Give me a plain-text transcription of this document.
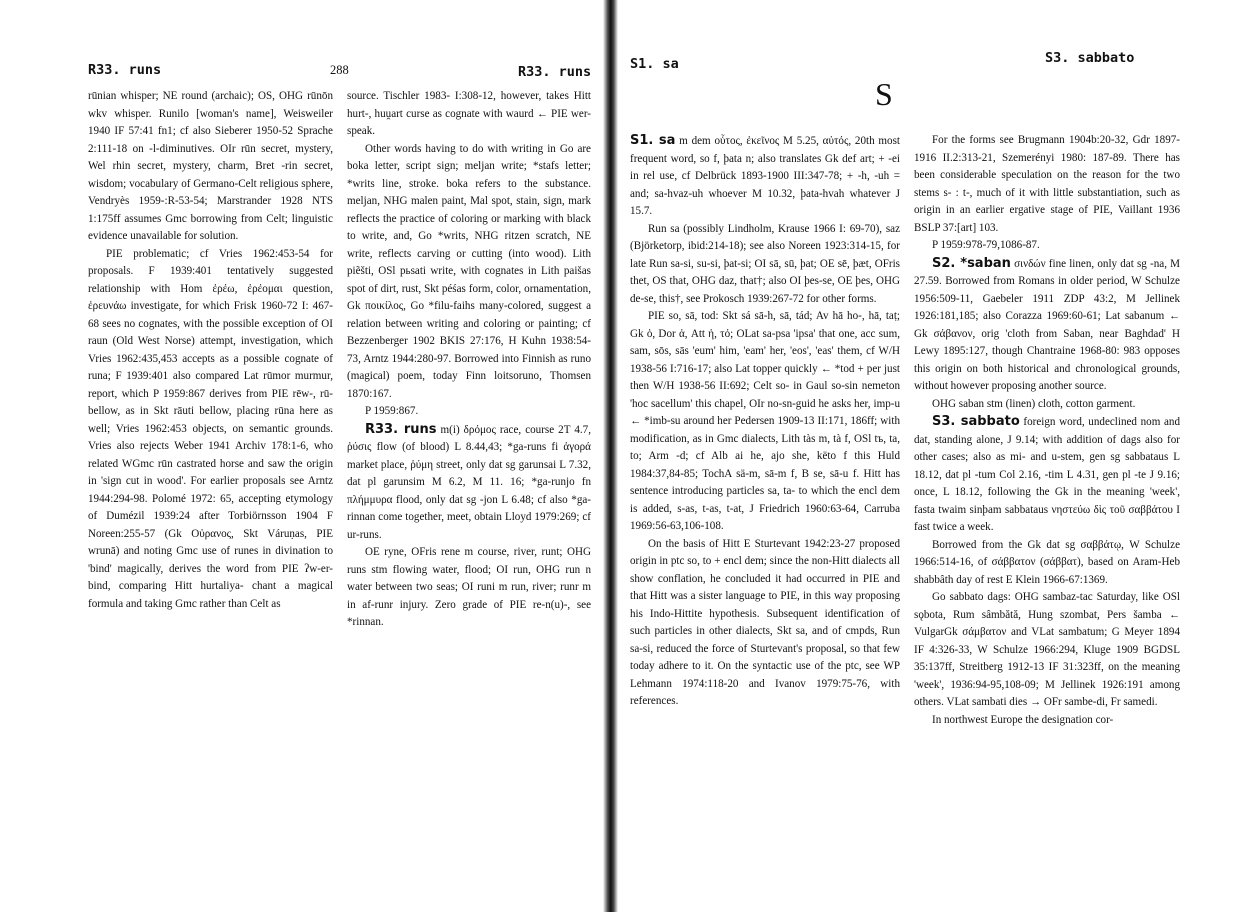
R33. runs	288	R33. runs

rūnian whisper; NE round (archaic); OS, OHG rūnōn wkv whisper. Runilo [woman's name], Weisweiler 1940 IF 57:41 fn1; cf also Sieberer 1950-52 Sprache 2:111-18 on -l-diminutives. OIr rūn secret, mystery, Wel rhin secret, mystery, charm, Bret -rin secret, wisdom; vocabulary of Germano-Celt religious sphere, Vendryès 1959-:R-53-54; Marstrander 1928 NTS 1:175ff assumes Gmc borrowing from Celt; linguistic evidence unavailable for solution.

PIE problematic; cf Vries 1962:453-54 for proposals. F 1939:401 tentatively suggested relationship with Hom ἐρέω, ἐρέομαι question, ἐρευνάω investigate, for which Frisk 1960-72 I: 467-68 sees no cognates, with the possible exception of OI raun (Old West Norse) attempt, investigation, which Vries 1962:435,453 accepts as a possible cognate of runa; F 1939:401 also compared Lat rūmor murmur, report, which P 1959:867 derives from PIE rēw-, rū- bellow, as in Skt rāuti bellow, placing rūna here as well; Vries 1962:453 objects, on semantic grounds. Vries also rejects Weber 1941 Archiv 178:1-6, who related WGmc rūn castrated horse and saw the origin in 'sign cut in wood'. For earlier proposals see Arntz 1944:294-98. Polomé 1972: 65, accepting etymology of Dumézil 1939:24 after Torbiörnsson 1904 F Noreen:255-57 (Gk Οὐρανος, Skt Váruṇas, PIE wrunā) and noting Gmc use of runes in divination to 'bind' magically, derives the word from PIE ʔw-er- bind, comparing Hitt hurtaliya- chant a magical formula and taking Gmc rather than Celt as

source. Tischler 1983- I:308-12, however, takes Hitt hurt-, huṷart curse as cognate with waurd ← PIE wer- speak.

Other words having to do with writing in Go are boka letter, script sign; meljan write; *stafs letter; *writs line, stroke. boka refers to the substance. meljan, NHG malen paint, Mal spot, stain, sign, mark reflects the practice of coloring or marking with black to write, and, Go *writs, NHG ritzen scratch, NE write, reflects carving or cutting (into wood). Lith piẽšti, OSl pьsati write, with cognates in Lith paišas spot of dirt, rust, Skt péśas form, color, ornamentation, Gk ποικίλος, Go *filu-faihs many-colored, suggest a relation between writing and coloring or painting; cf Bezzenberger 1902 BKIS 27:176, H Kuhn 1938:54-73, Arntz 1944:280-97. Borrowed into Finnish as runo (magical) poem, today Finn loitsoruno, Thomsen 1870:167.

P 1959:867.

R33. runs m(i) δρόμος race, course 2T 4.7, ῥύσις flow (of blood) L 8.44,43; *ga-runs fi ἀγορά market place, ῥύμη street, only dat sg garunsai L 7.32, dat pl garunsim M 6.2, M 11. 16; *ga-runjo fn πλήμμυρα flood, only dat sg -jon L 6.48; cf also *ga-rinnan come together, meet, obtain Lloyd 1979:269; cf ur-runs.

OE ryne, OFris rene m course, river, runt; OHG runs stm flowing water, flood; OI run, OHG run n water between two seas; OI runi m run, river; runr m in af-runr injury. Zero grade of PIE re-n(u)-, see *rinnan.

S1. sa	S3. sabbato
S

S1. sa m dem οὗτος, ἐκεῖνος M 5.25, αὐτός, 20th most frequent word, so f, þata n; also translates Gk def art; + -ei in rel use, cf Delbrück 1893-1900 III:347-78; + -h, -uh = and; sa-hvaz-uh whoever M 10.32, þata-hvah whatever J 15.7.

Run sa (possibly Lindholm, Krause 1966 I: 69-70), saz (Björketorp, ibid:214-18); see also Noreen 1923:314-15, for late Run sa-si, su-si, þat-si; OI sā, sū, þat; OE sē, þæt, OFris thet, OS that, OHG daz, that†; also OI þes-se, OE þes, OHG de-se, this†, see Prokosch 1939:267-72 for other forms.

PIE so, sā, tod: Skt sá sā-h, sā, tád; Av hā ho-, hā, taṭ; Gk ὁ, Dor ἁ, Att ἡ, τό; OLat sa-psa 'ipsa' that one, acc sum, sam, sōs, sās 'eum' him, 'eam' her, 'eos', 'eas' them, cf W/H 1938-56 I:716-17; also Lat topper quickly ← *tod + per just then W/H 1938-56 II:692; Celt so- in Gaul so-sin nemeton 'hoc sacellum' this chapel, OIr no-sn-guid he asks her, imp-u ← *imb-su around her Pedersen 1909-13 II:171, 186ff; with modification, as in Gmc dialects, Lith tàs m, tà f, OSl tъ, ta, to; Arm -d; cf Alb ai he, ajo she, këto f this Huld 1984:37,84-85; TochA sä-m, sā-m f, B se, sā-u f. Hitt has sentence introducing particles sa, ta- to which the encl dem is added, s-as, t-as, t-at, J Friedrich 1960:63-64, Carruba 1969:56-63,106-108.

On the basis of Hitt E Sturtevant 1942:23-27 proposed origin in ptc so, to + encl dem; since the non-Hitt dialects all show conflation, he concluded it had occurred in PIE and that Hitt was a sister language to PIE, in this way proposing his Indo-Hittite hypothesis. Subsequent identification of such particles in other dialects, Skt sa, and of cmpds, Run sa-si, reduced the force of Sturtevant's proposal, so that few today adhere to it. On the syntactic use of the ptc, see WP Lehmann 1974:118-20 and Ivanov 1979:75-76, with references.

For the forms see Brugmann 1904b:20-32, Gdr 1897-1916 II.2:313-21, Szemerényi 1980: 187-89. There has been considerable speculation on the reason for the two stems s- : t-, much of it with little substantiation, such as origin in an earlier ergative stage of PIE, Vaillant 1936 BSLP 37:[art] 103.

P 1959:978-79,1086-87.

S2. *saban σινδών fine linen, only dat sg -na, M 27.59. Borrowed from Romans in older period, W Schulze 1956:509-11, Gaebeler 1911 ZDP 43:2, M Jellinek 1926:181,185; also Corazza 1969:60-61; Lat sabanum ← Gk σάβανον, orig 'cloth from Saban, near Baghdad' H Lewy 1895:127, though Chantraine 1968-80: 983 opposes this origin on both historical and chronological grounds, without however proposing another source.

OHG saban stm (linen) cloth, cotton garment.

S3. sabbato foreign word, undeclined nom and dat, standing alone, J 9.14; with addition of dags also for other cases; also as mi- and u-stem, gen sg sabbataus L 18.12, dat pl -tum Col 2.16, -tim L 4.31, gen pl -te J 9.16; once, L 18.12, following the Gk in the meaning 'week', fasta twaim sinþam sabbataus νηστεύω δὶς τοῦ σαββάτου I fast twice a week.

Borrowed from the Gk dat sg σαββάτῳ, W Schulze 1966:514-16, of σάββατον (σάββατ), based on Aram-Heb shabbâth day of rest E Klein 1966-67:1369.

Go sabbato dags: OHG sambaz-tac Saturday, like OSl sǫbota, Rum sâmbătă, Hung szombat, Pers šamba ← VulgarGk σάμβατον and VLat sambatum; G Meyer 1894 IF 4:326-33, W Schulze 1966:294, Kluge 1909 BGDSL 35:137ff, Streitberg 1912-13 IF 31:323ff, on the meaning 'week', 1936:94-95,108-09; M Jellinek 1926:191 among others. VLat sambati dies → OFr sambe-di, Fr samedi.

In northwest Europe the designation cor-
